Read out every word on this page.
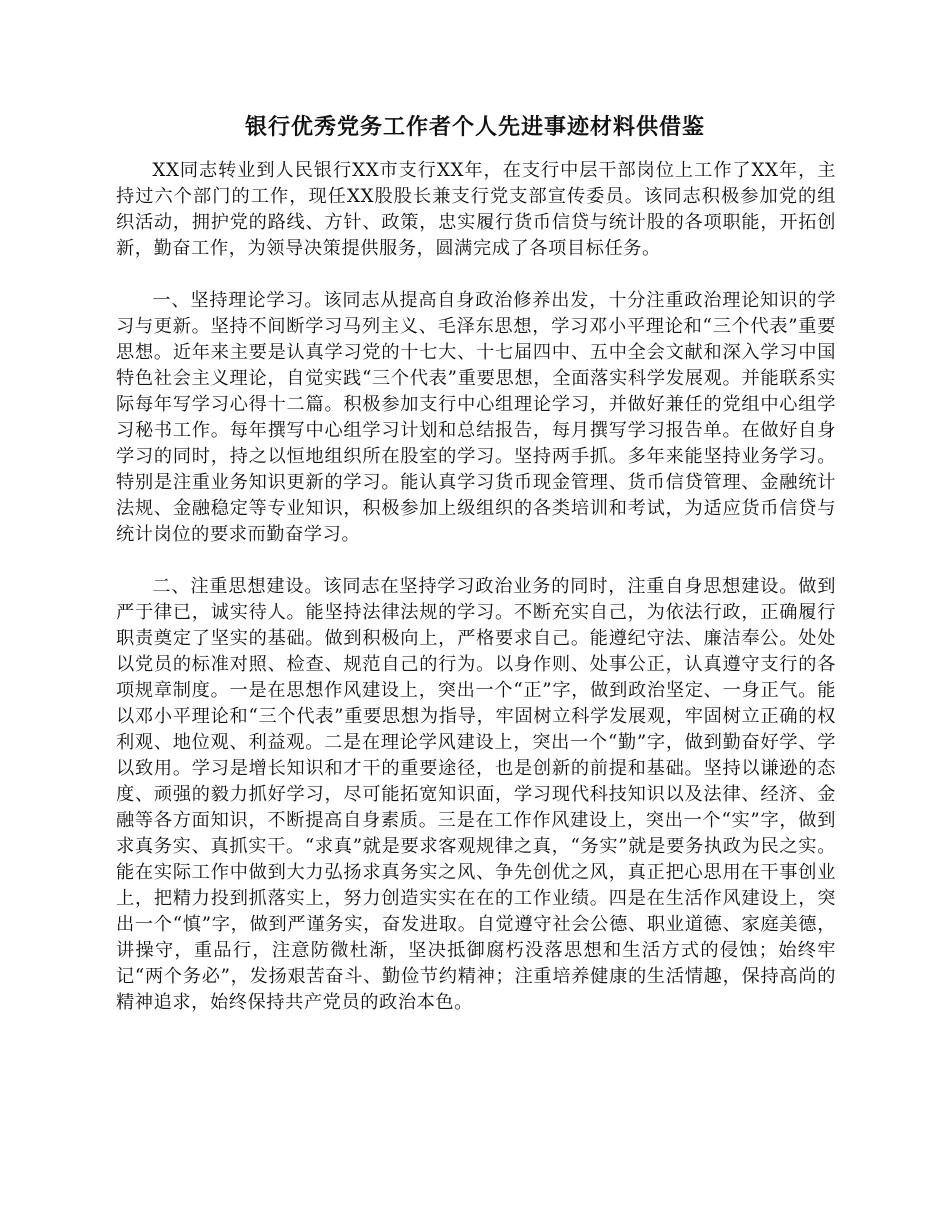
银行优秀党务工作者个人先进事迹材料供借鉴

XX同志转业到人民银行XX市支行XX年，在支行中层干部岗位上工作了XX年，主持过六个部门的工作，现任XX股股长兼支行党支部宣传委员。该同志积极参加党的组织活动，拥护党的路线、方针、政策，忠实履行货币信贷与统计股的各项职能，开拓创新，勤奋工作，为领导决策提供服务，圆满完成了各项目标任务。

一、坚持理论学习。该同志从提高自身政治修养出发，十分注重政治理论知识的学习与更新。坚持不间断学习马列主义、毛泽东思想，学习邓小平理论和“三个代表”重要思想。近年来主要是认真学习党的十七大、十七届四中、五中全会文献和深入学习中国特色社会主义理论，自觉实践“三个代表”重要思想，全面落实科学发展观。并能联系实际每年写学习心得十二篇。积极参加支行中心组理论学习，并做好兼任的党组中心组学习秘书工作。每年撰写中心组学习计划和总结报告，每月撰写学习报告单。在做好自身学习的同时，持之以恒地组织所在股室的学习。坚持两手抓。多年来能坚持业务学习。特别是注重业务知识更新的学习。能认真学习货币现金管理、货币信贷管理、金融统计法规、金融稳定等专业知识，积极参加上级组织的各类培训和考试，为适应货币信贷与统计岗位的要求而勤奋学习。

二、注重思想建设。该同志在坚持学习政治业务的同时，注重自身思想建设。做到严于律已，诚实待人。能坚持法律法规的学习。不断充实自己，为依法行政，正确履行职责奠定了坚实的基础。做到积极向上，严格要求自己。能遵纪守法、廉洁奉公。处处以党员的标准对照、检查、规范自己的行为。以身作则、处事公正，认真遵守支行的各项规章制度。一是在思想作风建设上，突出一个“正”字，做到政治坚定、一身正气。能以邓小平理论和“三个代表”重要思想为指导，牢固树立科学发展观，牢固树立正确的权利观、地位观、利益观。二是在理论学风建设上，突出一个“勤”字，做到勤奋好学、学以致用。学习是增长知识和才干的重要途径，也是创新的前提和基础。坚持以谦逊的态度、顽强的毅力抓好学习，尽可能拓宽知识面，学习现代科技知识以及法律、经济、金融等各方面知识，不断提高自身素质。三是在工作作风建设上，突出一个“实”字，做到求真务实、真抓实干。“求真”就是要求客观规律之真，“务实”就是要务执政为民之实。能在实际工作中做到大力弘扬求真务实之风、争先创优之风，真正把心思用在干事创业上，把精力投到抓落实上，努力创造实实在在的工作业绩。四是在生活作风建设上，突出一个“慎”字，做到严谨务实，奋发进取。自觉遵守社会公德、职业道德、家庭美德，讲操守，重品行，注意防微杜渐，坚决抵御腐朽没落思想和生活方式的侵蚀；始终牢记“两个务必”，发扬艰苦奋斗、勤俭节约精神；注重培养健康的生活情趣，保持高尚的精神追求，始终保持共产党员的政治本色。
